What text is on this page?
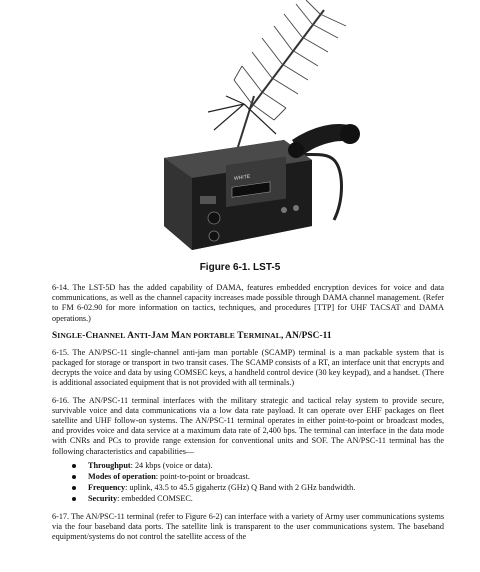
WHITE
Figure 6-1. LST-5

6-14. The LST-5D has the added capability of DAMA, features embedded encryption devices for voice and data communications, as well as the channel capacity increases made possible through DAMA channel management. (Refer to FM 6-02.90 for more information on tactics, techniques, and procedures [TTP] for UHF TACSAT and DAMA operations.)

SINGLE-CHANNEL ANTI-JAM MAN PORTABLE TERMINAL, AN/PSC-11

6-15. The AN/PSC-11 single-channel anti-jam man portable (SCAMP) terminal is a man packable system that is packaged for storage or transport in two transit cases. The SCAMP consists of a RT, an interface unit that encrypts and decrypts the voice and data by using COMSEC keys, a handheld control device (30 key keypad), and a handset. (There is additional associated equipment that is not provided with all terminals.)

6-16. The AN/PSC-11 terminal interfaces with the military strategic and tactical relay system to provide secure, survivable voice and data communications via a low data rate payload. It can operate over EHF packages on fleet satellite and UHF follow-on systems. The AN/PSC-11 terminal operates in either point-to-point or broadcast modes, and provides voice and data service at a maximum data rate of 2,400 bps. The terminal can interface in the data mode with CNRs and PCs to provide range extension for conventional units and SOF. The AN/PSC-11 terminal has the following characteristics and capabilities—

Throughput: 24 kbps (voice or data).
Modes of operation: point-to-point or broadcast.
Frequency: uplink, 43.5 to 45.5 gigahertz (GHz) Q Band with 2 GHz bandwidth.
Security: embedded COMSEC.

6-17. The AN/PSC-11 terminal (refer to Figure 6-2) can interface with a variety of Army user communications systems via the four baseband data ports. The satellite link is transparent to the user communications system. The baseband equipment/systems do not control the satellite access of the
